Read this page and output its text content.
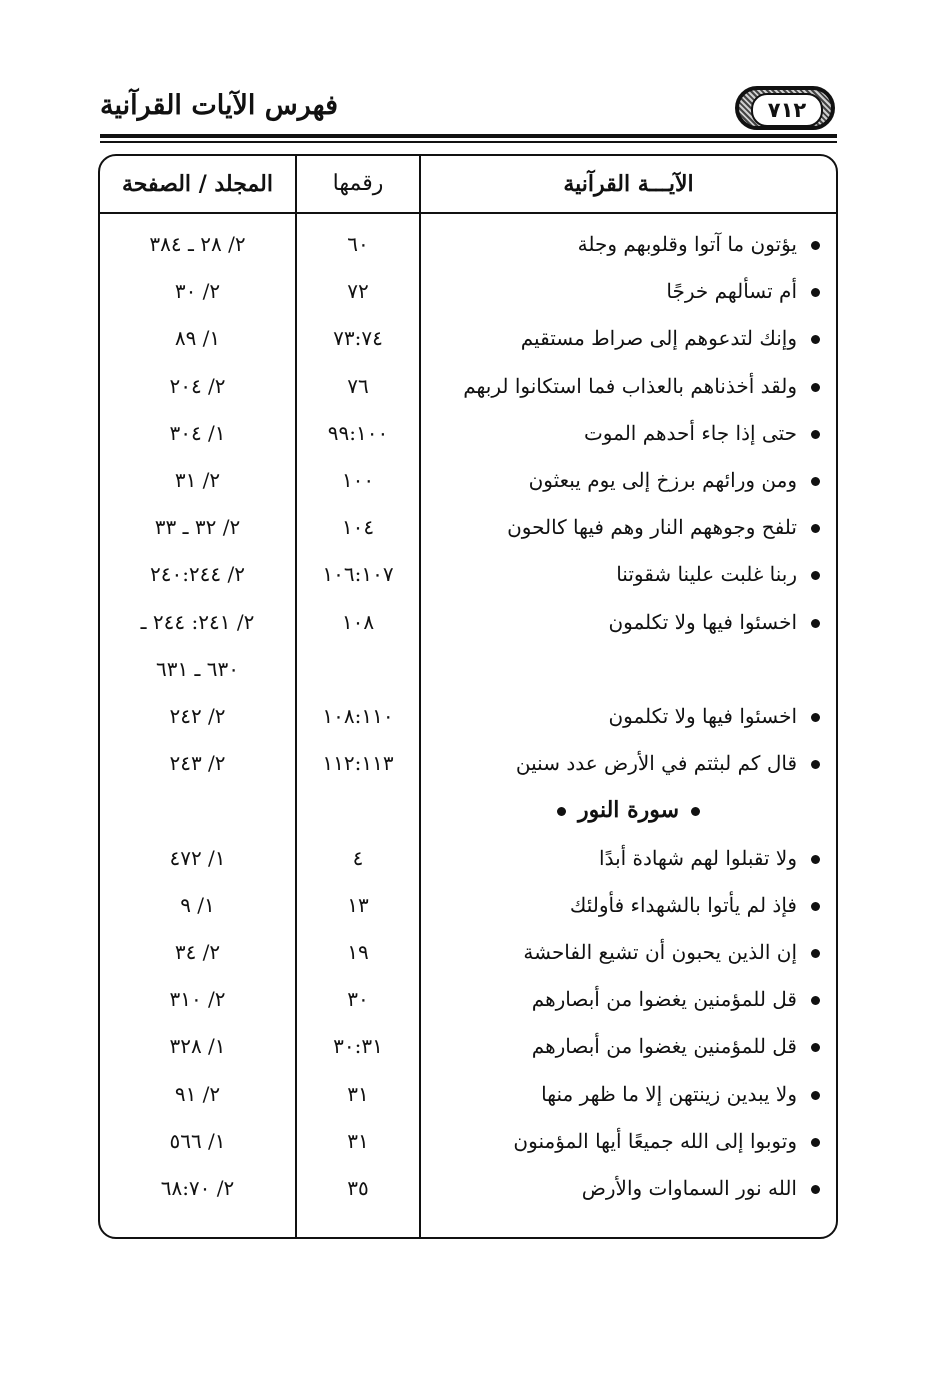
فهرس الآيات القرآنية	٧١٢
الآيـــة القرآنية
رقمها
المجلد / الصفحة
يؤتون ما آتوا وقلوبهم وجلة
٦٠
٢/ ٢٨ ـ ٣٨٤
أم تسألهم خرجًا
٧٢
٢/ ٣٠
وإنك لتدعوهم إلى صراط مستقيم
٧٣:٧٤
١/ ٨٩
ولقد أخذناهم بالعذاب فما استكانوا لربهم
٧٦
٢/ ٢٠٤
حتى إذا جاء أحدهم الموت
٩٩:١٠٠
١/ ٣٠٤
ومن ورائهم برزخ إلى يوم يبعثون
١٠٠
٢/ ٣١
تلفح وجوههم النار وهم فيها كالحون
١٠٤
٢/ ٣٢ ـ ٣٣
ربنا غلبت علينا شقوتنا
١٠٦:١٠٧
٢/ ٢٤٠:٢٤٤
اخسئوا فيها ولا تكلمون
١٠٨
٢/ ٢٤١: ٢٤٤ ـ
٦٣٠ ـ ٦٣١
اخسئوا فيها ولا تكلمون
١٠٨:١١٠
٢/ ٢٤٢
قال كم لبثتم في الأرض عدد سنين
١١٢:١١٣
٢/ ٢٤٣
سورة النور
ولا تقبلوا لهم شهادة أبدًا
٤
١/ ٤٧٢
فإذ لم يأتوا بالشهداء فأولئك
١٣
١/ ٩
إن الذين يحبون أن تشيع الفاحشة
١٩
٢/ ٣٤
قل للمؤمنين يغضوا من أبصارهم
٣٠
٢/ ٣١٠
قل للمؤمنين يغضوا من أبصارهم
٣٠:٣١
١/ ٣٢٨
ولا يبدين زينتهن إلا ما ظهر منها
٣١
٢/ ٩١
وتوبوا إلى الله جميعًا أيها المؤمنون
٣١
١/ ٥٦٦
الله نور السماوات والأرض
٣٥
٢/ ٦٨:٧٠
